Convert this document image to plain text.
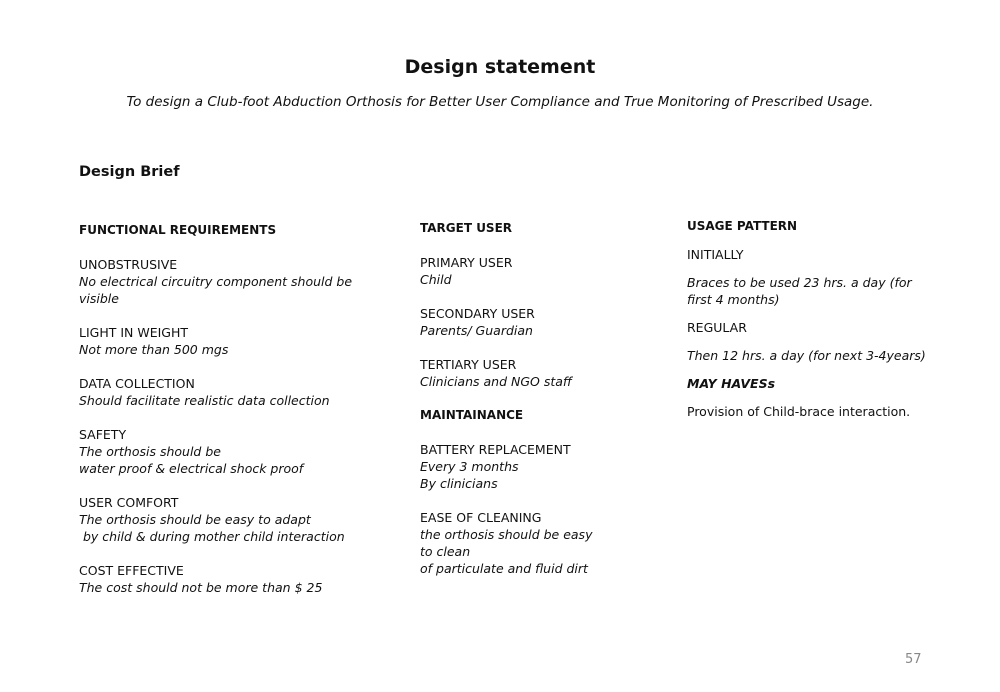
Design statement
To design a Club-foot Abduction Orthosis for Better User Compliance and True Monitoring of Prescribed Usage.
Design Brief
FUNCTIONAL REQUIREMENTS
UNOBSTRUSIVE
No electrical circuitry component should be visible
LIGHT IN WEIGHT
Not more than 500 mgs
DATA COLLECTION
Should facilitate realistic data collection
SAFETY
The orthosis should be
water proof & electrical shock proof
USER COMFORT
The orthosis should be easy to adapt
by child & during mother child interaction
COST EFFECTIVE
The cost should not be more than $ 25
TARGET USER
PRIMARY USER
Child
SECONDARY USER
Parents/ Guardian
TERTIARY USER
Clinicians and NGO staff
MAINTAINANCE
BATTERY REPLACEMENT
Every 3 months
By clinicians
EASE OF CLEANING
the orthosis should be easy
to clean
of particulate and fluid dirt
USAGE PATTERN
INITIALLY
Braces to be used 23 hrs. a day (for first 4 months)
REGULAR
Then 12 hrs. a day (for next 3-4years)
MAY HAVESs
Provision of Child-brace interaction.
57
